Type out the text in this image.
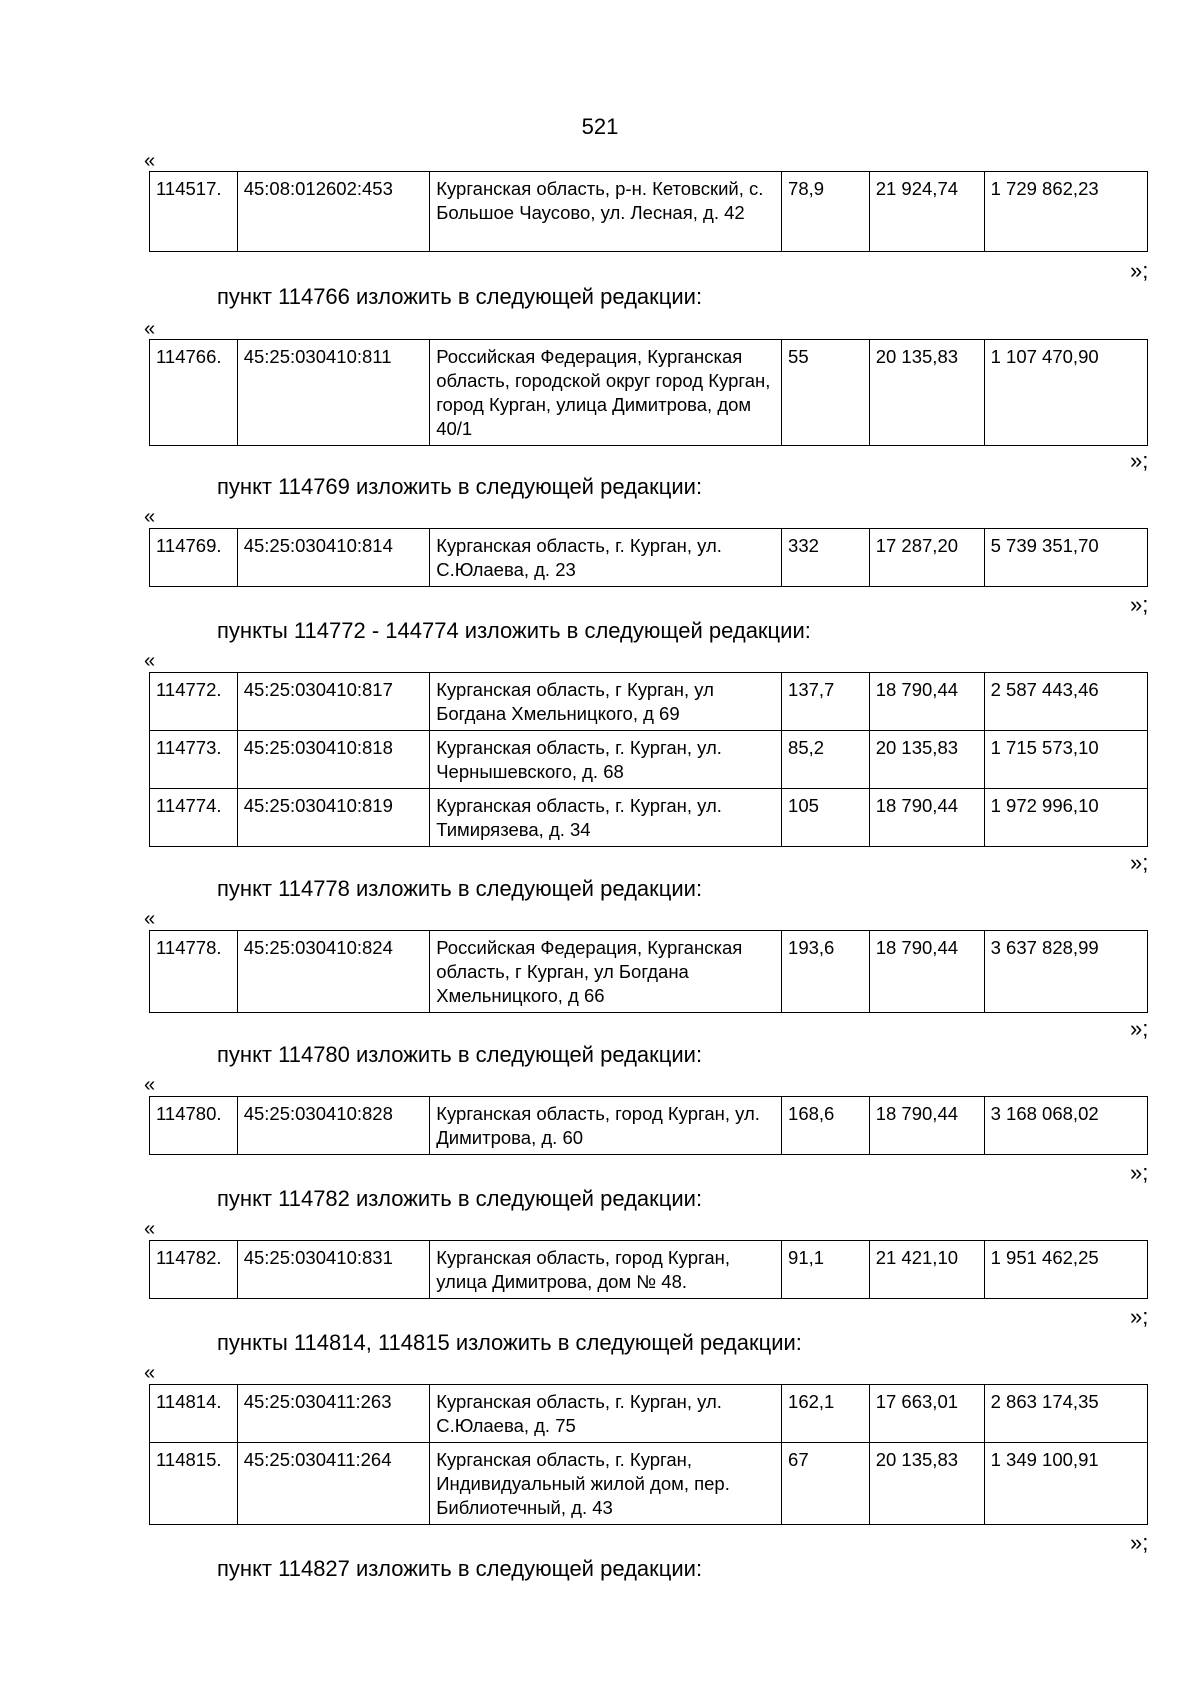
521
«
114517.	45:08:012602:453	Курганская область, р-н. Кетовский, с. Большое Чаусово, ул. Лесная, д. 42	78,9	21 924,74	1 729 862,23
»;
пункт 114766 изложить в следующей редакции:
«
114766.	45:25:030410:811	Российская Федерация, Курганская область, городской округ город Курган, город Курган, улица Димитрова, дом 40/1	55	20 135,83	1 107 470,90
»;
пункт 114769 изложить в следующей редакции:
«
114769.	45:25:030410:814	Курганская область, г. Курган, ул. С.Юлаева, д. 23	332	17 287,20	5 739 351,70
»;
пункты 114772 - 144774 изложить в следующей редакции:
«
114772.	45:25:030410:817	Курганская область, г Курган, ул Богдана Хмельницкого, д 69	137,7	18 790,44	2 587 443,46
114773.	45:25:030410:818	Курганская область, г. Курган, ул. Чернышевского, д. 68	85,2	20 135,83	1 715 573,10
114774.	45:25:030410:819	Курганская область, г. Курган, ул. Тимирязева, д. 34	105	18 790,44	1 972 996,10
»;
пункт 114778 изложить в следующей редакции:
«
114778.	45:25:030410:824	Российская Федерация, Курганская область, г Курган, ул Богдана Хмельницкого, д 66	193,6	18 790,44	3 637 828,99
»;
пункт 114780 изложить в следующей редакции:
«
114780.	45:25:030410:828	Курганская область, город Курган, ул. Димитрова, д. 60	168,6	18 790,44	3 168 068,02
»;
пункт 114782 изложить в следующей редакции:
«
114782.	45:25:030410:831	Курганская область, город Курган, улица Димитрова, дом № 48.	91,1	21 421,10	1 951 462,25
»;
пункты 114814, 114815 изложить в следующей редакции:
«
114814.	45:25:030411:263	Курганская область, г. Курган, ул. С.Юлаева, д. 75	162,1	17 663,01	2 863 174,35
114815.	45:25:030411:264	Курганская область, г. Курган, Индивидуальный жилой дом, пер. Библиотечный, д. 43	67	20 135,83	1 349 100,91
»;
пункт 114827 изложить в следующей редакции:
